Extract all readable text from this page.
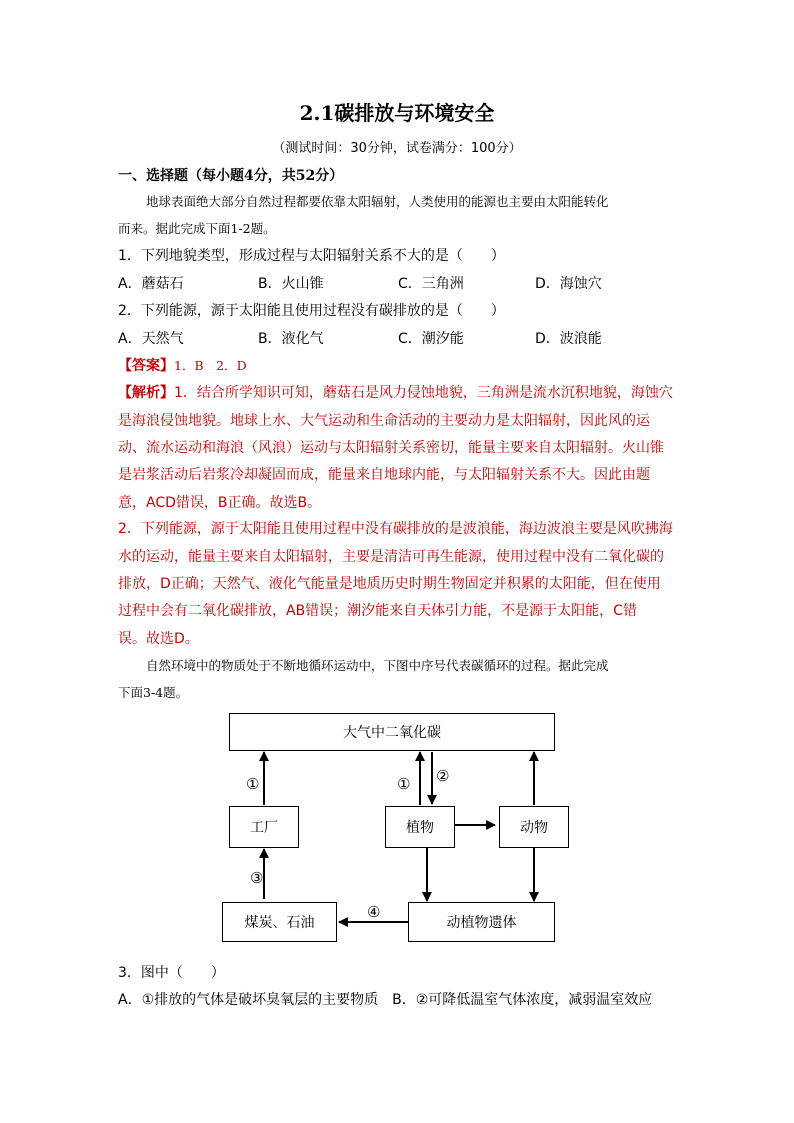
2.1碳排放与环境安全

（测试时间：30分钟，试卷满分：100分）

一、选择题（每小题4分，共52分）

地球表面绝大部分自然过程都要依靠太阳辐射，人类使用的能源也主要由太阳能转化

而来。据此完成下面1-2题。

1．下列地貌类型，形成过程与太阳辐射关系不大的是（　　）

A．蘑菇石	B．火山锥	C．三角洲	D．海蚀穴

2．下列能源，源于太阳能且使用过程没有碳排放的是（　　）

A．天然气	B．液化气	C．潮汐能	D．波浪能

【答案】1．B　2．D

【解析】1．结合所学知识可知，蘑菇石是风力侵蚀地貌，三角洲是流水沉积地貌，海蚀穴

是海浪侵蚀地貌。地球上水、大气运动和生命活动的主要动力是太阳辐射，因此风的运

动、流水运动和海浪（风浪）运动与太阳辐射关系密切，能量主要来自太阳辐射。火山锥

是岩浆活动后岩浆冷却凝固而成，能量来自地球内能，与太阳辐射关系不大。因此由题

意，ACD错误，B正确。故选B。

2．下列能源，源于太阳能且使用过程中没有碳排放的是波浪能，海边波浪主要是风吹拂海

水的运动，能量主要来自太阳辐射，主要是清洁可再生能源，使用过程中没有二氧化碳的

排放，D正确；天然气、液化气能量是地质历史时期生物固定并积累的太阳能，但在使用

过程中会有二氧化碳排放，AB错误；潮汐能来自天体引力能，不是源于太阳能，C错

误。故选D。

自然环境中的物质处于不断地循环运动中，下图中序号代表碳循环的过程。据此完成

下面3-4题。

大气中二氧化碳
工厂	植物	动物
煤炭、石油	动植物遗体
①	① ②
③
④

3．图中（　　）

A．①排放的气体是破坏臭氧层的主要物质　B．②可降低温室气体浓度，减弱温室效应
